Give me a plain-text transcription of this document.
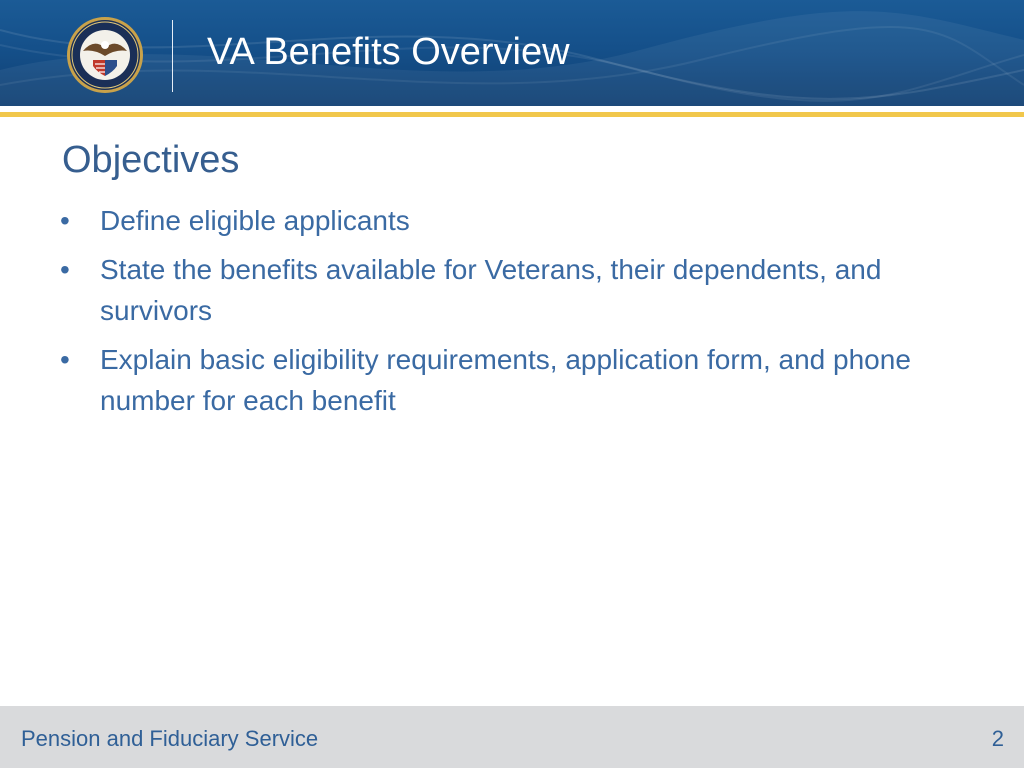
VA Benefits Overview
Objectives
•	Define eligible applicants
•	State the benefits available for Veterans, their dependents, and survivors
•	Explain basic eligibility requirements, application form, and phone number for each benefit
Pension and Fiduciary Service	2
